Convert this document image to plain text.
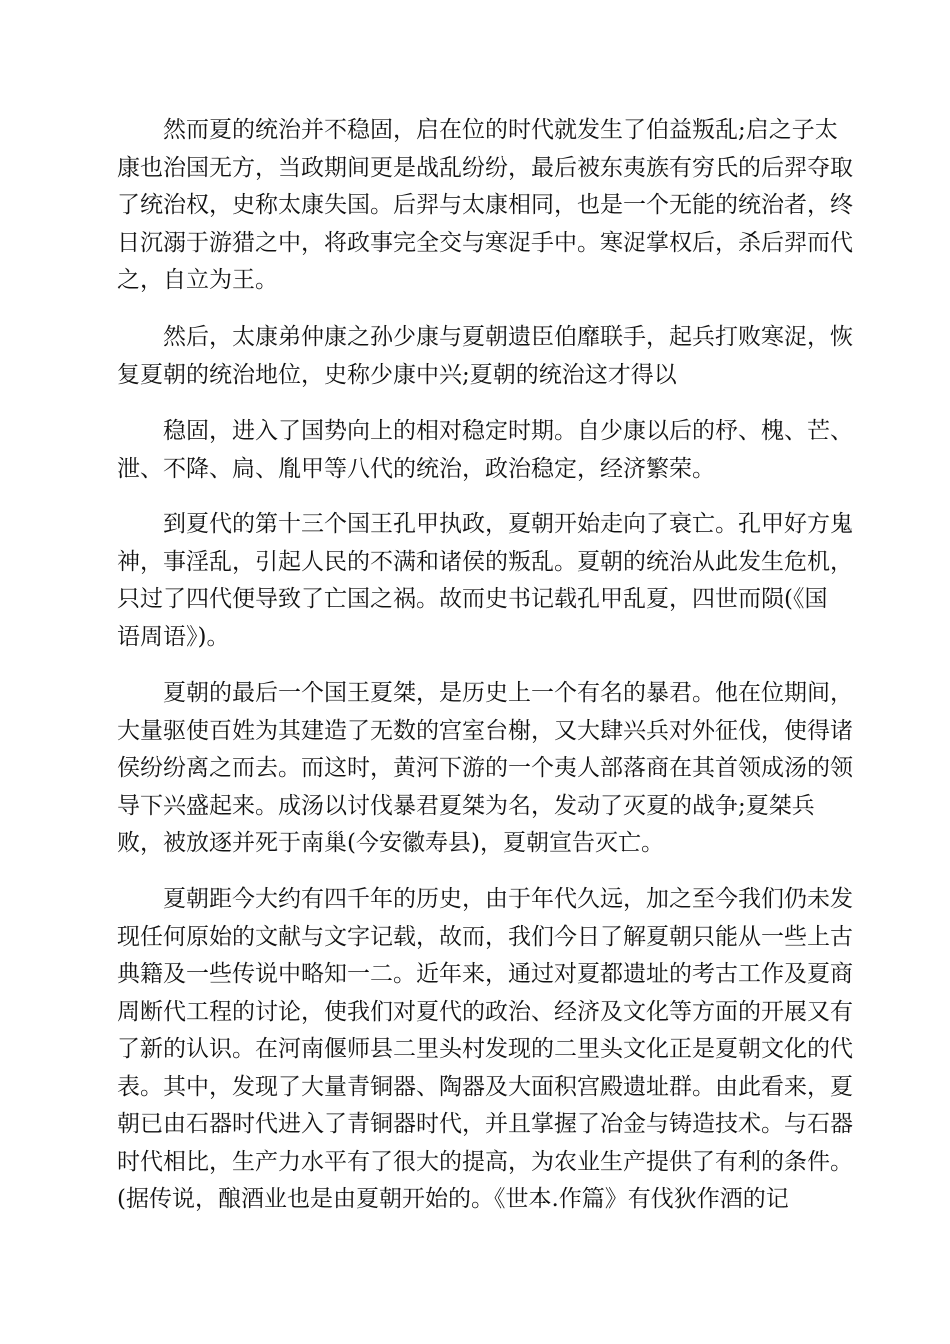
然而夏的统治并不稳固，启在位的时代就发生了伯益叛乱;启之子太
康也治国无方，当政期间更是战乱纷纷，最后被东夷族有穷氏的后羿夺取
了统治权，史称太康失国。后羿与太康相同，也是一个无能的统治者，终
日沉溺于游猎之中，将政事完全交与寒浞手中。寒浞掌权后，杀后羿而代
之，自立为王。
然后，太康弟仲康之孙少康与夏朝遗臣伯靡联手，起兵打败寒浞，恢
复夏朝的统治地位，史称少康中兴;夏朝的统治这才得以
稳固，进入了国势向上的相对稳定时期。自少康以后的杼、槐、芒、
泄、不降、扃、胤甲等八代的统治，政治稳定，经济繁荣。
到夏代的第十三个国王孔甲执政，夏朝开始走向了衰亡。孔甲好方鬼
神，事淫乱，引起人民的不满和诸侯的叛乱。夏朝的统治从此发生危机，
只过了四代便导致了亡国之祸。故而史书记载孔甲乱夏，四世而陨(《国
语周语》)。
夏朝的最后一个国王夏桀，是历史上一个有名的暴君。他在位期间，
大量驱使百姓为其建造了无数的宫室台榭，又大肆兴兵对外征伐，使得诸
侯纷纷离之而去。而这时，黄河下游的一个夷人部落商在其首领成汤的领
导下兴盛起来。成汤以讨伐暴君夏桀为名，发动了灭夏的战争;夏桀兵
败，被放逐并死于南巢(今安徽寿县)，夏朝宣告灭亡。
夏朝距今大约有四千年的历史，由于年代久远，加之至今我们仍未发
现任何原始的文献与文字记载，故而，我们今日了解夏朝只能从一些上古
典籍及一些传说中略知一二。近年来，通过对夏都遗址的考古工作及夏商
周断代工程的讨论，使我们对夏代的政治、经济及文化等方面的开展又有
了新的认识。在河南偃师县二里头村发现的二里头文化正是夏朝文化的代
表。其中，发现了大量青铜器、陶器及大面积宫殿遗址群。由此看来，夏
朝已由石器时代进入了青铜器时代，并且掌握了冶金与铸造技术。与石器
时代相比，生产力水平有了很大的提高，为农业生产提供了有利的条件。
(据传说，酿酒业也是由夏朝开始的。《世本.作篇》有伐狄作酒的记
